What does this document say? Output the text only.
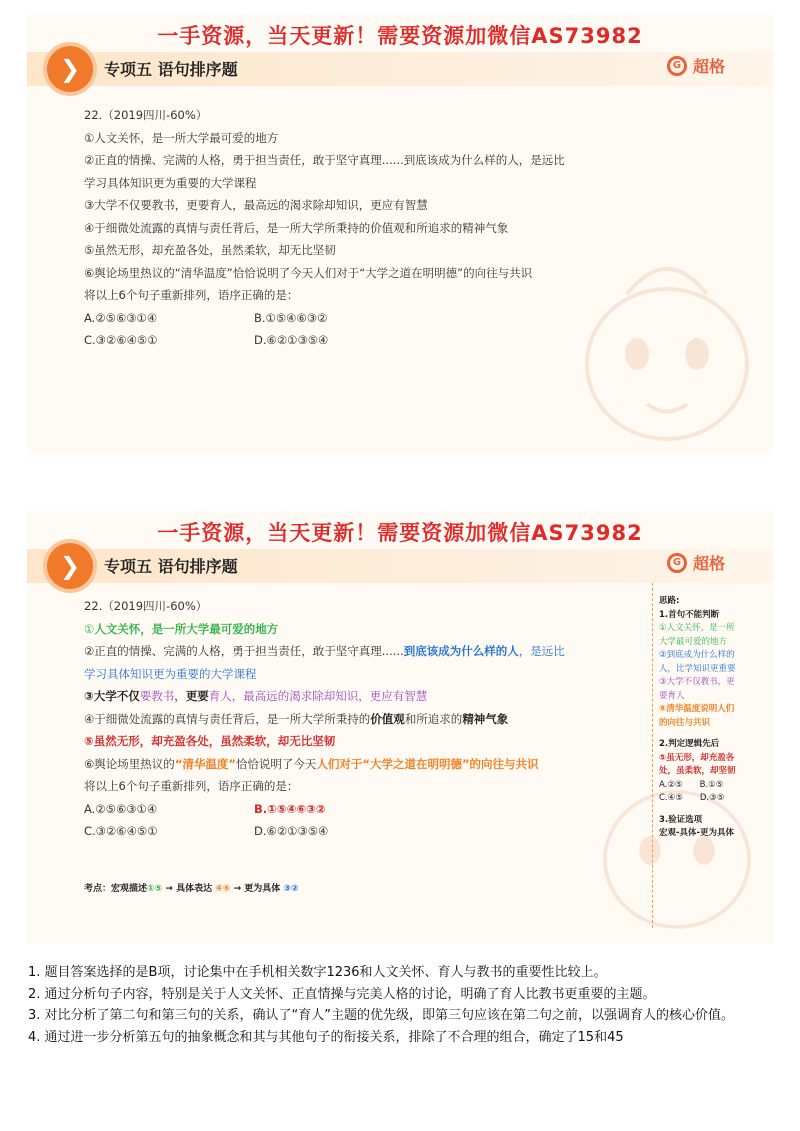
一手资源，当天更新！需要资源加微信AS73982
❯	专项五 语句排序题	G 超格
22.（2019四川-60%）
①人文关怀，是一所大学最可爱的地方
②正直的情操、完满的人格，勇于担当责任，敢于坚守真理......到底该成为什么样的人，是远比
学习具体知识更为重要的大学课程
③大学不仅要教书，更要育人，最高远的渴求除却知识，更应有智慧
④于细微处流露的真情与责任背后，是一所大学所秉持的价值观和所追求的精神气象
⑤虽然无形，却充盈各处，虽然柔软，却无比坚韧
⑥舆论场里热议的“清华温度”恰恰说明了今天人们对于“大学之道在明明德”的向往与共识
将以上6个句子重新排列，语序正确的是：
A.②⑤⑥③①④	B.①⑤④⑥③②
C.③②⑥④⑤①	D.⑥②①③⑤④
一手资源，当天更新！需要资源加微信AS73982
❯	专项五 语句排序题	G 超格
22.（2019四川-60%）
①人文关怀，是一所大学最可爱的地方
②正直的情操、完满的人格，勇于担当责任，敢于坚守真理......到底该成为什么样的人，是远比
学习具体知识更为重要的大学课程
③大学不仅要教书，更要育人，最高远的渴求除却知识，更应有智慧
④于细微处流露的真情与责任背后，是一所大学所秉持的价值观和所追求的精神气象
⑤虽然无形，却充盈各处，虽然柔软，却无比坚韧
⑥舆论场里热议的“清华温度”恰恰说明了今天人们对于“大学之道在明明德”的向往与共识
将以上6个句子重新排列，语序正确的是：
A.②⑤⑥③①④	B.①⑤④⑥③②
C.③②⑥④⑤①	D.⑥②①③⑤④
考点：宏观描述①⑤ → 具体表达 ④⑥ → 更为具体 ③②
思路:
1.首句不能判断
①人文关怀，是一所
大学最可爱的地方
②到底成为什么样的
人，比学知识更重要
③大学不仅教书，更
要育人
⑥清华温度说明人们
的向往与共识
2.判定逻辑先后
⑤虽无形，却充盈各
处，虽柔软，却坚韧
A.②⑤　　B.①⑤
C.④⑤　　D.③⑤
3.验证选项
宏观-具体-更为具体

1. 题目答案选择的是B项，讨论集中在手机相关数字1236和人文关怀、育人与教书的重要性比较上。

2. 通过分析句子内容，特别是关于人文关怀、正直情操与完美人格的讨论，明确了育人比教书更重要的主题。

3. 对比分析了第二句和第三句的关系，确认了“育人”主题的优先级，即第三句应该在第二句之前，以强调育人的核心价值。

4. 通过进一步分析第五句的抽象概念和其与其他句子的衔接关系，排除了不合理的组合，确定了15和45
